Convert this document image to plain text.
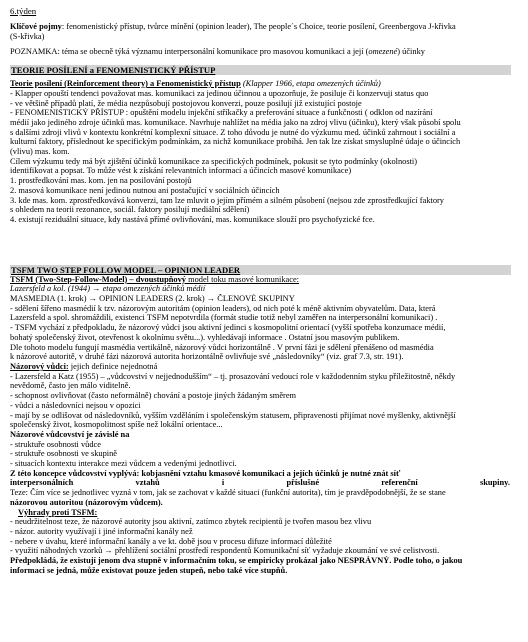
6.týden
Klíčové pojmy: fenomenistický přístup, tvůrce mínění (opinion leader), The people´s Choice, teorie posílení, Greenbergova J-křivka
(S-křivka)
POZNAMKA: téma se obecně týká významu interpersonální komunikace pro masovou komunikaci a její (omezené) účinky
TEORIE POSÍLENÍ a FENOMENISTICKÝ PŘÍSTUP
Teorie posílení (Reinforcement theory) a Fenomenistický přístup (Klapper 1966, etapa omezených účinků)
- Klapper opouští tendenci považovat mas. komunikaci za jedinou účinnou a upozorňuje, že posiluje či konzervuji status quo
- ve většině případů platí, že média nezpůsobují postojovou konverzi, pouze posilují již existující postoje
- FENOMENISTICKÝ PŘÍSTUP : opuštění modelu injekční stříkačky a preferování situace a funkčnosti ( odklon od nazírání
médií jako jediného zdroje účinků mas. komunikace. Navrhuje nahlížet na média jako na zdroj vlivu (účinku), který však působí spolu
s dalšími zdroji vlivů v kontextu konkrétní komplexní situace. Z toho důvodu je nutné do výzkumu med. účinků zahrnout i sociální a
kulturní faktory, příslednout ke specifickým podmínkám, za nichž komunikace probíhá. Jen tak lze získat smysluplné údaje o účincích
(vlivu) mas. kom.
Cílem výzkumu tedy má být zjištění účinků komunikace za specifických podmínek, pokusit se tyto podmínky (okolnosti)
identifikovat a popsat. To může vést k získání relevantních informací a účincích masové komunikace)
1. prostředkování mas. kom. jen na posilování postojů
2. masová komunikace není jedinou nutnou ani postačující v sociálních účincích
3. kde mas. kom. zprostředkovává konverzi, tam lze mluvit o jejím přímém a silném působení (nejsou zde zprostředkující faktory
s ohledem na teorii rezonance, sociál. faktory posilují mediální sdělení)
4. existují reziduální situace, kdy nastává přímé ovlivňování, mas. komunikace slouží pro psychofyzické fce.
TSFM TWO STEP FOLLOW MODEL – OPINION LEADER
TSFM (Two-Step-Follow-Model) – dvoustupňový model toku masové komunikace:
Lazersfeld a kol. (1944) → etapa omezených účinků médií
MASMEDIA (1. krok) → OPINION LEADERS (2. krok) → ČLENOVÉ SKUPINY
- sdělení šířeno masmédií k tzv. názorovým autoritám (opinion leaders), od nich poté k méně aktivním obyvatelům. Data, která
Lazersfeld a spol. shromáždili, existenci TSFM nepotvrdila (formát studie totiž nebyl zaměřen na interpersonální komunikaci) .
- TSFM vychází z předpokladu, že názorový vůdci jsou aktivní jedinci s kosmopolitní orientací (vyšší spotřeba konzumace médií,
bohatý společenský život, otevřenost k okolnímu světu...). vyhledávají informace . Ostatní jsou masovým publikem.
Dle tohoto modelu fungují masmédia vertikálně, názorový vůdci horizontálně . V první fázi je sdělení přenášeno od masmédia
k názorové autoritě, v druhé fázi názorová autorita horizontálně ovlivňuje své „následovníky“ (viz. graf 7.3, str. 191).
Názorový vůdci: jejich definice nejednotná
- Lazersfeld a Katz (1955) – „vůdcovství v nejjednodušším“ – tj. prosazování vedoucí role v každodenním styku příležitostně, někdy
nevědomě, často jen málo viditelně.
- schopnost ovlivňovat (často neformálně) chování a postoje jiných žádaným směrem
- vůdci a následovníci nejsou v opozici
- mají by se odlišovat od následovníků, vyšším vzděláním i společenským statusem, připravenosti přijímat nové myšlenky, aktivnější
společenský život, kosmopolitnost spíše než lokální orientace...
Názorové vůdcovství je závislé na
- struktuře osobnosti vůdce
- struktuře osobnosti ve skupině
- situacích kontextu interakce mezi vůdcem a vedenými jednotlivci.
Z této koncepce vůdcovství vyplývá: kobjasnění vztahu kmasové komunikaci a jejích účinků je nutné znát síť
interpersonálních	vztahů	i	příslušné	referenční	skupiny.
Teze: Čím více se jednotlivec vyzná v tom, jak se zachovat v každé situaci (funkční autorita), tím je pravděpodobnější, že se stane
názorovou autoritou (názorovým vůdcem).
Výhrady proti TSFM:
- neudržitelnost teze, že názorové autority jsou aktivní, zatímco zbytek recipientů je tvořen masou bez vlivu
- názor. autority využívají i jiné informační kanály než
- nebere v úvahu, které informační kanály a ve kt. době jsou v procesu difuze informací důležité
- využití náhodných vzorků → přehlížení sociální prostředí respondentů Komunikační síť vyžaduje zkoumání ve své celistvosti.
Předpokládá, že existují jenom dva stupně v informačním toku, se empiricky prokázal jako NESPRÁVNÝ. Podle toho, o jakou
informaci se jedná, může existovat pouze jeden stupeň, nebo také více stupňů.
